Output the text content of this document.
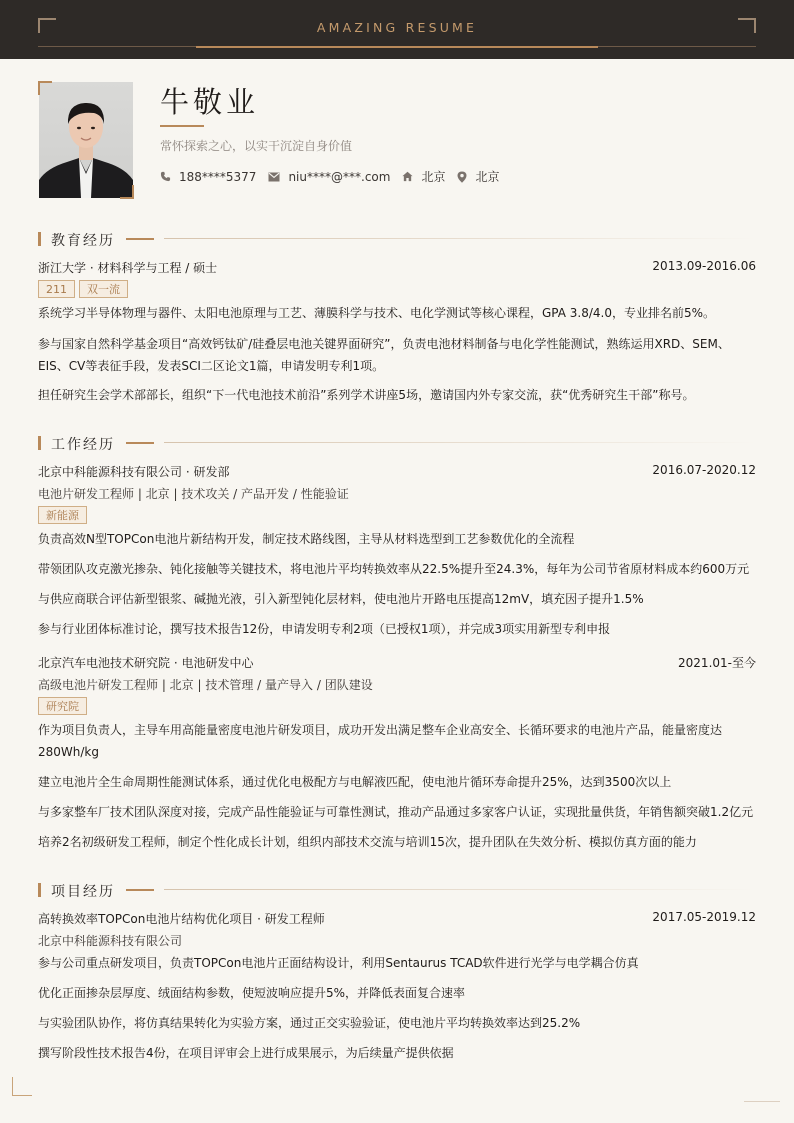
AMAZING RESUME
牛敬业
常怀探索之心，以实干沉淀自身价值
188****5377	niu****@***.com	北京	北京
教育经历
浙江大学 · 材料科学与工程 / 硕士	2013.09-2016.06
211	双一流
系统学习半导体物理与器件、太阳电池原理与工艺、薄膜科学与技术、电化学测试等核心课程，GPA 3.8/4.0，专业排名前5%。
参与国家自然科学基金项目“高效钙钛矿/硅叠层电池关键界面研究”，负责电池材料制备与电化学性能测试，熟练运用XRD、SEM、EIS、CV等表征手段，发表SCI二区论文1篇，申请发明专利1项。
担任研究生会学术部部长，组织“下一代电池技术前沿”系列学术讲座5场，邀请国内外专家交流，获“优秀研究生干部”称号。
工作经历
北京中科能源科技有限公司 · 研发部	2016.07-2020.12
电池片研发工程师 | 北京 | 技术攻关 / 产品开发 / 性能验证
新能源
负责高效N型TOPCon电池片新结构开发，制定技术路线图，主导从材料选型到工艺参数优化的全流程
带领团队攻克激光掺杂、钝化接触等关键技术，将电池片平均转换效率从22.5%提升至24.3%，每年为公司节省原材料成本约600万元
与供应商联合评估新型银浆、碱抛光液，引入新型钝化层材料，使电池片开路电压提高12mV，填充因子提升1.5%
参与行业团体标准讨论，撰写技术报告12份，申请发明专利2项（已授权1项），并完成3项实用新型专利申报
北京汽车电池技术研究院 · 电池研发中心	2021.01-至今
高级电池片研发工程师 | 北京 | 技术管理 / 量产导入 / 团队建设
研究院
作为项目负责人，主导车用高能量密度电池片研发项目，成功开发出满足整车企业高安全、长循环要求的电池片产品，能量密度达280Wh/kg
建立电池片全生命周期性能测试体系，通过优化电极配方与电解液匹配，使电池片循环寿命提升25%，达到3500次以上
与多家整车厂技术团队深度对接，完成产品性能验证与可靠性测试，推动产品通过多家客户认证，实现批量供货，年销售额突破1.2亿元
培养2名初级研发工程师，制定个性化成长计划，组织内部技术交流与培训15次，提升团队在失效分析、模拟仿真方面的能力
项目经历
高转换效率TOPCon电池片结构优化项目 · 研发工程师	2017.05-2019.12
北京中科能源科技有限公司
参与公司重点研发项目，负责TOPCon电池片正面结构设计，利用Sentaurus TCAD软件进行光学与电学耦合仿真
优化正面掺杂层厚度、绒面结构参数，使短波响应提升5%，并降低表面复合速率
与实验团队协作，将仿真结果转化为实验方案，通过正交实验验证，使电池片平均转换效率达到25.2%
撰写阶段性技术报告4份，在项目评审会上进行成果展示，为后续量产提供依据
